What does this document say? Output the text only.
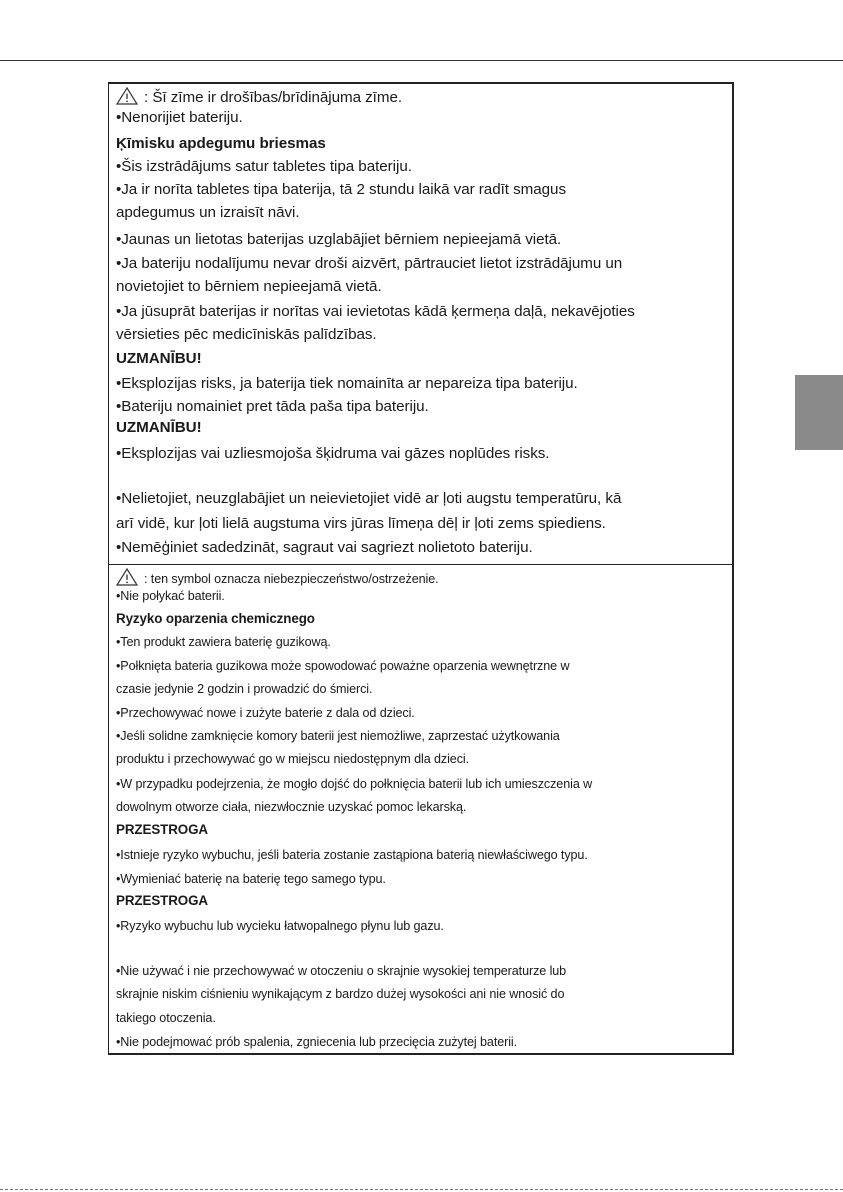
: Šī zīme ir drošības/brīdinājuma zīme.

•Nenorijiet bateriju.

Ķīmisku apdegumu briesmas

•Šis izstrādājums satur tabletes tipa bateriju.

•Ja ir norīta tabletes tipa baterija, tā 2 stundu laikā var radīt smagus

apdegumus un izraisīt nāvi.

•Jaunas un lietotas baterijas uzglabājiet bērniem nepieejamā vietā.

•Ja bateriju nodalījumu nevar droši aizvērt, pārtrauciet lietot izstrādājumu un

novietojiet to bērniem nepieejamā vietā.

•Ja jūsuprāt baterijas ir norītas vai ievietotas kādā ķermeņa daļā, nekavējoties

vērsieties pēc medicīniskās palīdzības.

UZMANĪBU!

•Eksplozijas risks, ja baterija tiek nomainīta ar nepareiza tipa bateriju.

•Bateriju nomainiet pret tāda paša tipa bateriju.

UZMANĪBU!

•Eksplozijas vai uzliesmojoša šķidruma vai gāzes noplūdes risks.

•Nelietojiet, neuzglabājiet un neievietojiet vidē ar ļoti augstu temperatūru, kā

arī vidē, kur ļoti lielā augstuma virs jūras līmeņa dēļ ir ļoti zems spiediens.

•Nemēģiniet sadedzināt, sagraut vai sagriezt nolietoto bateriju.

: ten symbol oznacza niebezpieczeństwo/ostrzeżenie.

•Nie połykać baterii.

Ryzyko oparzenia chemicznego

•Ten produkt zawiera baterię guzikową.

•Połknięta bateria guzikowa może spowodować poważne oparzenia wewnętrzne w

czasie jedynie 2 godzin i prowadzić do śmierci.

•Przechowywać nowe i zużyte baterie z dala od dzieci.

•Jeśli solidne zamknięcie komory baterii jest niemożliwe, zaprzestać użytkowania

produktu i przechowywać go w miejscu niedostępnym dla dzieci.

•W przypadku podejrzenia, że mogło dojść do połknięcia baterii lub ich umieszczenia w

dowolnym otworze ciała, niezwłocznie uzyskać pomoc lekarską.

PRZESTROGA

•Istnieje ryzyko wybuchu, jeśli bateria zostanie zastąpiona baterią niewłaściwego typu.

•Wymieniać baterię na baterię tego samego typu.

PRZESTROGA

•Ryzyko wybuchu lub wycieku łatwopalnego płynu lub gazu.

•Nie używać i nie przechowywać w otoczeniu o skrajnie wysokiej temperaturze lub

skrajnie niskim ciśnieniu wynikającym z bardzo dużej wysokości ani nie wnosić do

takiego otoczenia.

•Nie podejmować prób spalenia, zgniecenia lub przecięcia zużytej baterii.
